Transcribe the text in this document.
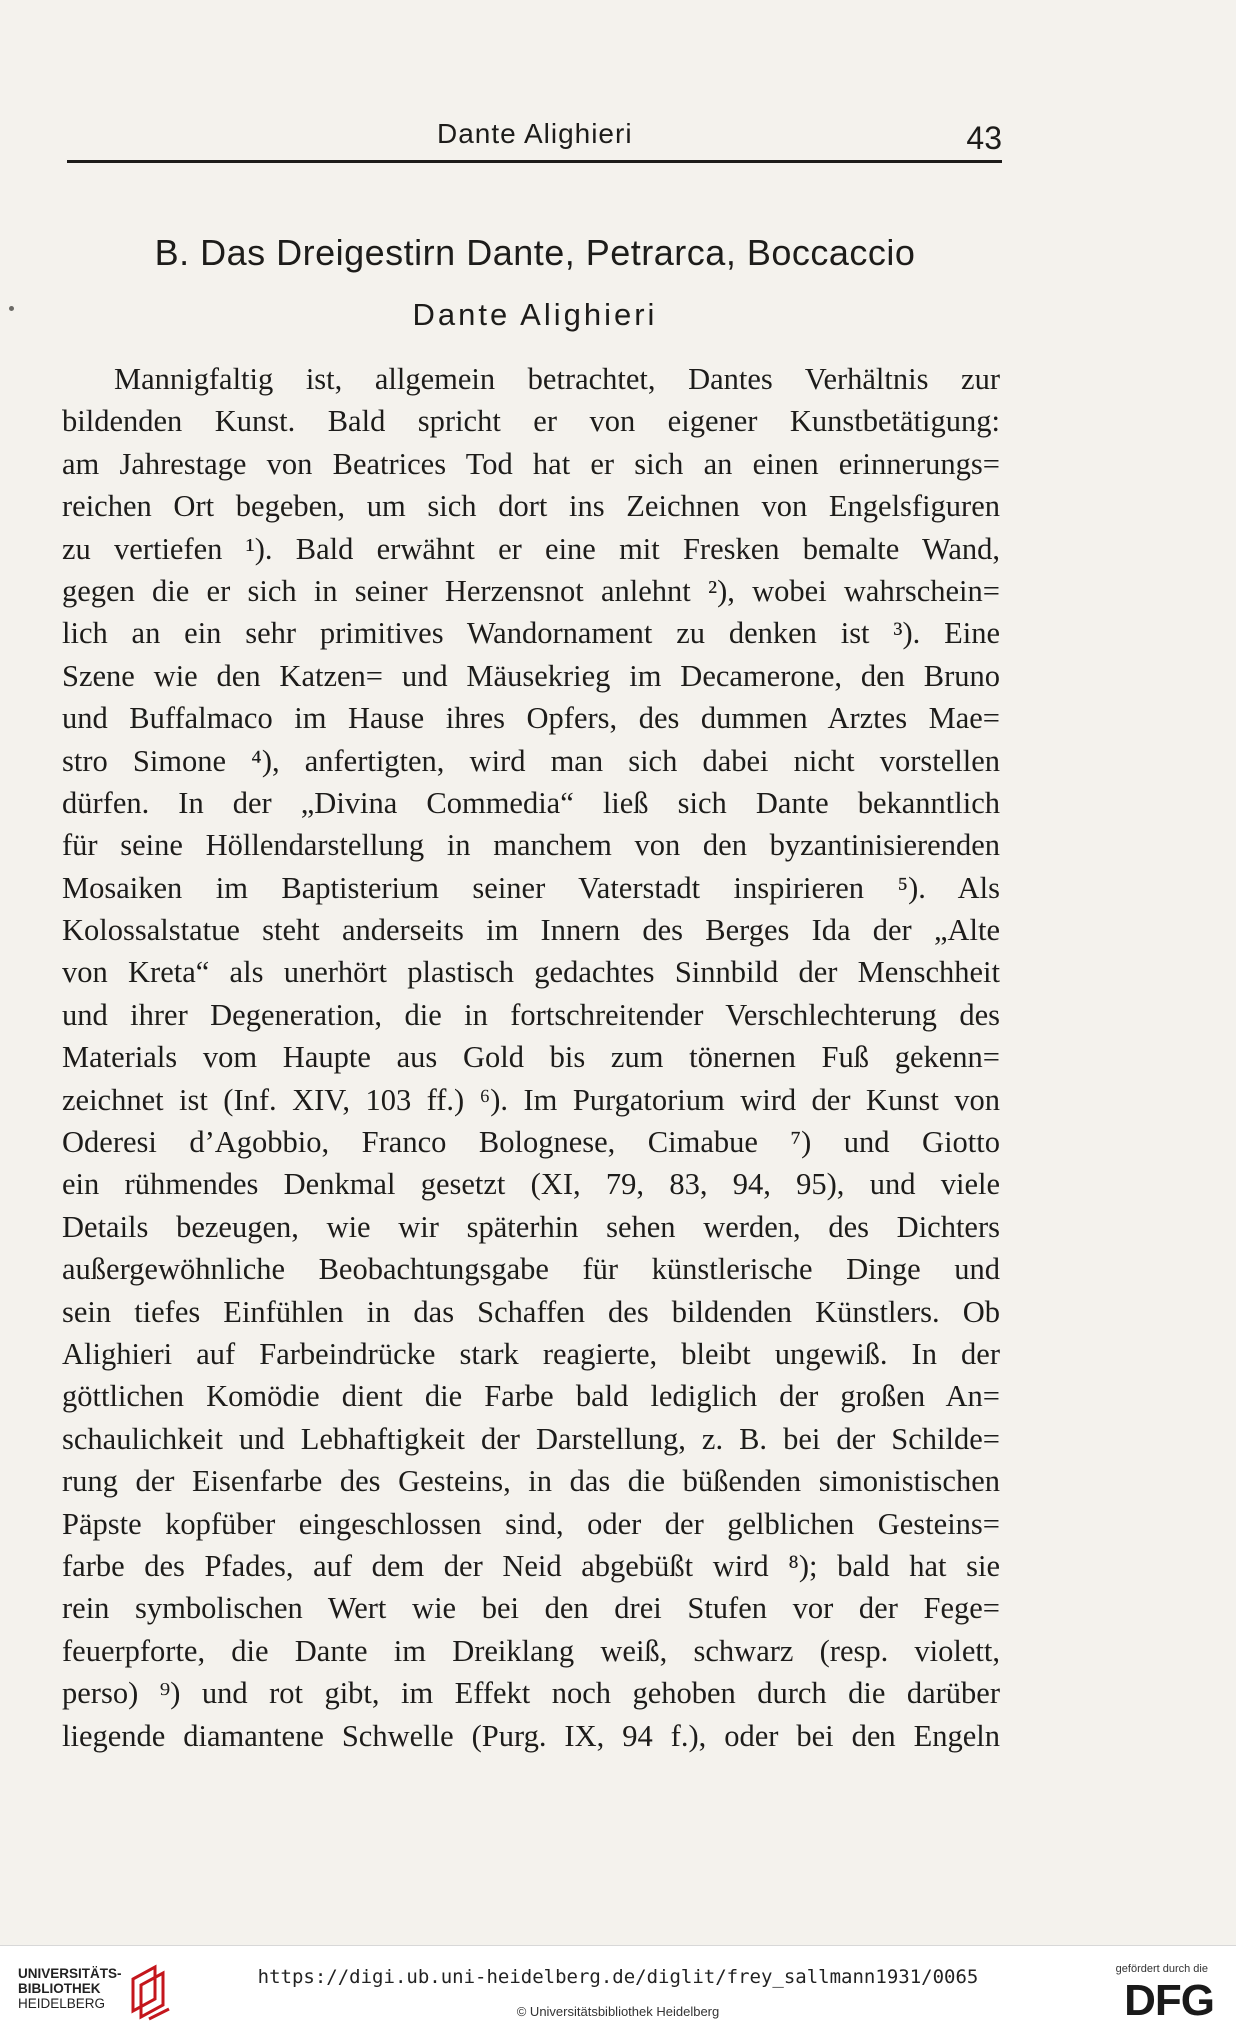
Dante Alighieri	43
B. Das Dreigestirn Dante, Petrarca, Boccaccio
Dante Alighieri
Mannigfaltig ist, allgemein betrachtet, Dantes Verhältnis zur
bildenden Kunst. Bald spricht er von eigener Kunstbetätigung:
am Jahrestage von Beatrices Tod hat er sich an einen erinnerungs=
reichen Ort begeben, um sich dort ins Zeichnen von Engelsfiguren
zu vertiefen ¹). Bald erwähnt er eine mit Fresken bemalte Wand,
gegen die er sich in seiner Herzensnot anlehnt ²), wobei wahrschein=
lich an ein sehr primitives Wandornament zu denken ist ³). Eine
Szene wie den Katzen= und Mäusekrieg im Decamerone, den Bruno
und Buffalmaco im Hause ihres Opfers, des dummen Arztes Mae=
stro Simone ⁴), anfertigten, wird man sich dabei nicht vorstellen
dürfen. In der „Divina Commedia“ ließ sich Dante bekanntlich
für seine Höllendarstellung in manchem von den byzantinisierenden
Mosaiken im Baptisterium seiner Vaterstadt inspirieren ⁵). Als
Kolossalstatue steht anderseits im Innern des Berges Ida der „Alte
von Kreta“ als unerhört plastisch gedachtes Sinnbild der Menschheit
und ihrer Degeneration, die in fortschreitender Verschlechterung des
Materials vom Haupte aus Gold bis zum tönernen Fuß gekenn=
zeichnet ist (Inf. XIV, 103 ff.) ⁶). Im Purgatorium wird der Kunst von
Oderesi d’Agobbio, Franco Bolognese, Cimabue ⁷) und Giotto
ein rühmendes Denkmal gesetzt (XI, 79, 83, 94, 95), und viele
Details bezeugen, wie wir späterhin sehen werden, des Dichters
außergewöhnliche Beobachtungsgabe für künstlerische Dinge und
sein tiefes Einfühlen in das Schaffen des bildenden Künstlers. Ob
Alighieri auf Farbeindrücke stark reagierte, bleibt ungewiß. In der
göttlichen Komödie dient die Farbe bald lediglich der großen An=
schaulichkeit und Lebhaftigkeit der Darstellung, z. B. bei der Schilde=
rung der Eisenfarbe des Gesteins, in das die büßenden simonistischen
Päpste kopfüber eingeschlossen sind, oder der gelblichen Gesteins=
farbe des Pfades, auf dem der Neid abgebüßt wird ⁸); bald hat sie
rein symbolischen Wert wie bei den drei Stufen vor der Fege=
feuerpforte, die Dante im Dreiklang weiß, schwarz (resp. violett,
perso) ⁹) und rot gibt, im Effekt noch gehoben durch die darüber
liegende diamantene Schwelle (Purg. IX, 94 f.), oder bei den Engeln
UNIVERSITÄTS-
BIBLIOTHEK
HEIDELBERG
https://digi.ub.uni-heidelberg.de/diglit/frey_sallmann1931/0065
© Universitätsbibliothek Heidelberg
gefördert durch die
DFG
